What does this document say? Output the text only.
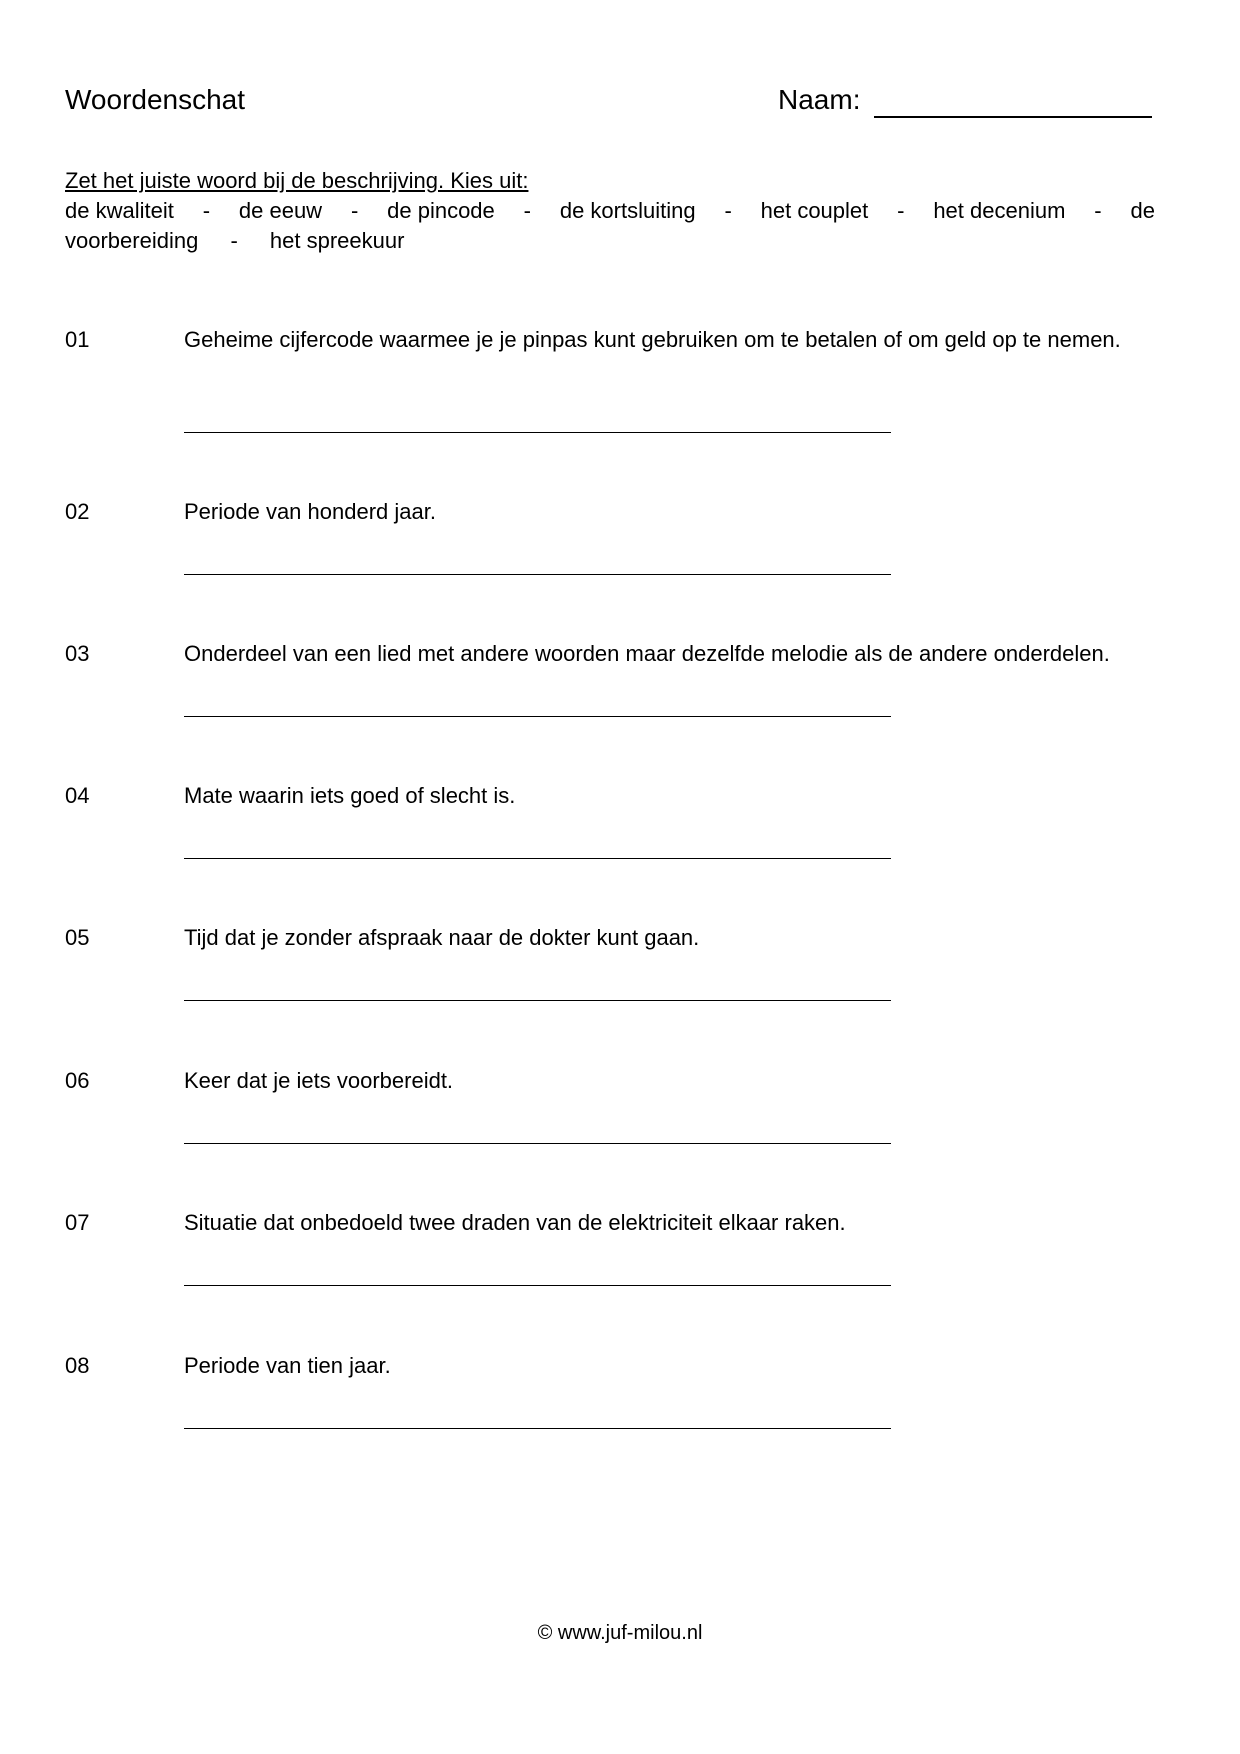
Woordenschat	Naam:
Zet het juiste woord bij de beschrijving. Kies uit:
de kwaliteit - de eeuw - de pincode - de kortsluiting - het couplet - het decenium - de
voorbereiding - het spreekuur
01	Geheime cijfercode waarmee je je pinpas kunt gebruiken om te betalen of om geld op te nemen.
02	Periode van honderd jaar.
03	Onderdeel van een lied met andere woorden maar dezelfde melodie als de andere onderdelen.
04	Mate waarin iets goed of slecht is.
05	Tijd dat je zonder afspraak naar de dokter kunt gaan.
06	Keer dat je iets voorbereidt.
07	Situatie dat onbedoeld twee draden van de elektriciteit elkaar raken.
08	Periode van tien jaar.
© www.juf-milou.nl
